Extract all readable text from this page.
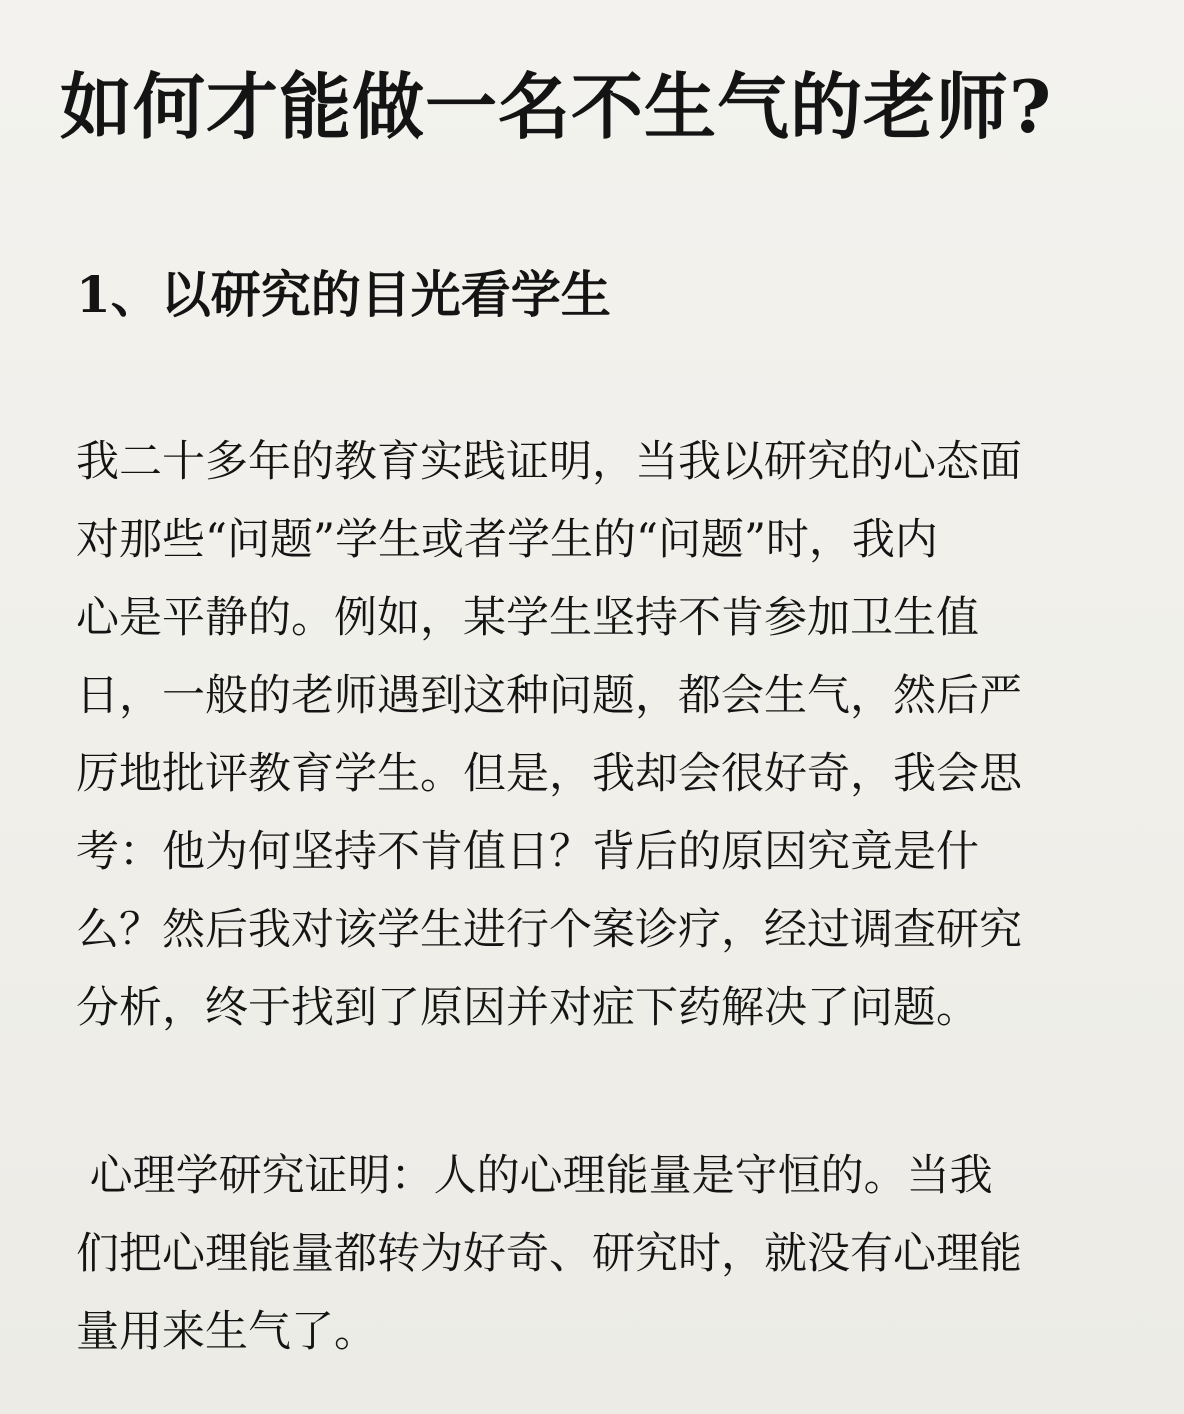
如何才能做一名不生气的老师?
1、以研究的目光看学生
我二十多年的教育实践证明，当我以研究的心态面
对那些“问题”学生或者学生的“问题”时，我内
心是平静的。例如，某学生坚持不肯参加卫生值
日，一般的老师遇到这种问题，都会生气，然后严
厉地批评教育学生。但是，我却会很好奇，我会思
考：他为何坚持不肯值日？背后的原因究竟是什
么？然后我对该学生进行个案诊疗，经过调查研究
分析，终于找到了原因并对症下药解决了问题。
心理学研究证明：人的心理能量是守恒的。当我
们把心理能量都转为好奇、研究时，就没有心理能
量用来生气了。
